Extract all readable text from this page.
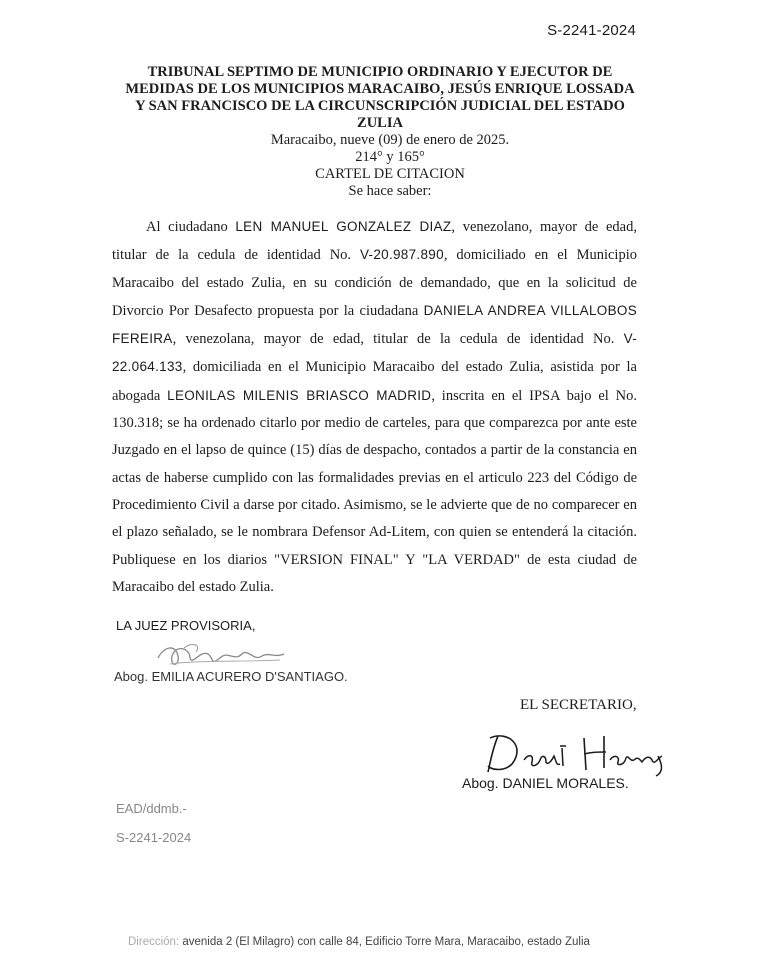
S-2241-2024
TRIBUNAL SEPTIMO DE MUNICIPIO ORDINARIO Y EJECUTOR DE
MEDIDAS DE LOS MUNICIPIOS MARACAIBO, JESÚS ENRIQUE LOSSADA
Y SAN FRANCISCO DE LA CIRCUNSCRIPCIÓN JUDICIAL DEL ESTADO
ZULIA
Maracaibo, nueve (09) de enero de 2025.
214° y 165°
CARTEL DE CITACION
Se hace saber:
Al ciudadano LEN MANUEL GONZALEZ DIAZ, venezolano, mayor de edad, titular de la cedula de identidad No. V-20.987.890, domiciliado en el Municipio Maracaibo del estado Zulia, en su condición de demandado, que en la solicitud de Divorcio Por Desafecto propuesta por la ciudadana DANIELA ANDREA VILLALOBOS FEREIRA, venezolana, mayor de edad, titular de la cedula de identidad No. V-22.064.133, domiciliada en el Municipio Maracaibo del estado Zulia, asistida por la abogada LEONILAS MILENIS BRIASCO MADRID, inscrita en el IPSA bajo el No. 130.318; se ha ordenado citarlo por medio de carteles, para que comparezca por ante este Juzgado en el lapso de quince (15) días de despacho, contados a partir de la constancia en actas de haberse cumplido con las formalidades previas en el articulo 223 del Código de Procedimiento Civil a darse por citado. Asimismo, se le advierte que de no comparecer en el plazo señalado, se le nombrara Defensor Ad-Litem, con quien se entenderá la citación. Publiquese en los diarios "VERSION FINAL" Y "LA VERDAD" de esta ciudad de Maracaibo del estado Zulia.
LA JUEZ PROVISORIA,
Abog. EMILIA ACURERO D'SANTIAGO.
EL SECRETARIO,
Abog. DANIEL MORALES.
EAD/ddmb.-
S-2241-2024
Dirección: avenida 2 (El Milagro) con calle 84, Edificio Torre Mara, Maracaibo, estado Zulia
